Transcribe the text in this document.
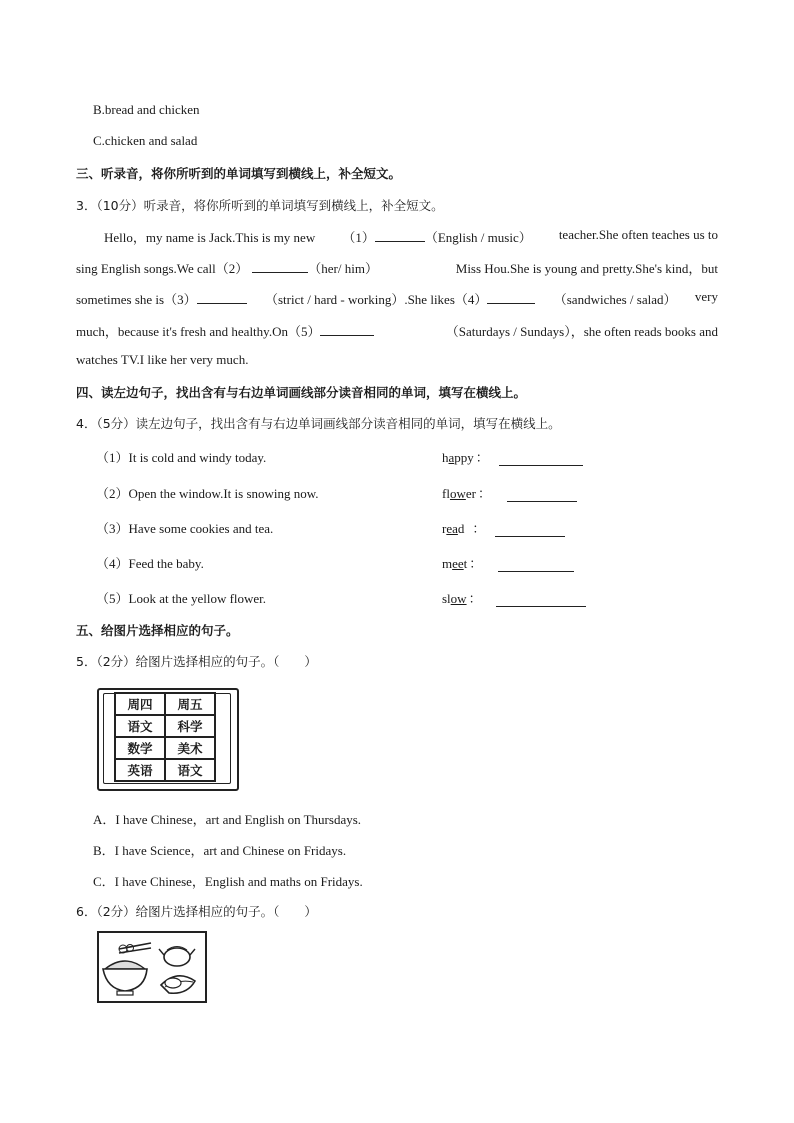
B.bread and chicken
C.chicken and salad
三、听录音，将你所听到的单词填写到横线上，补全短文。
3．（10分）听录音，将你所听到的单词填写到横线上，补全短文。
Hello，my name is Jack.This is my new （1）	（English / music） teacher.She often teaches us to
sing English songs.We call（2）	（her/ him）	Miss Hou.She is young and pretty.She's kind，but
sometimes she is（3）	（strict / hard - working）.She likes（4）	（sandwiches / salad） very
much，because it's fresh and healthy.On（5）	（Saturdays / Sundays），she often reads books and
watches TV.I like her very much.
四、读左边句子，找出含有与右边单词画线部分读音相同的单词，填写在横线上。
4．（5分）读左边句子，找出含有与右边单词画线部分读音相同的单词，填写在横线上。
（1）It is cold and windy today.	h a ppy ：
（2）Open the window.It is snowing now.	fl ow er ：
（3）Have some cookies and tea.	r ea d ：
（4）Feed the baby.	m ee t ：
（5）Look at the yellow flower.	sl ow ：
五、给图片选择相应的句子。
5．（2分）给图片选择相应的句子。（　　）
周四	周五
语文	科学
数学	美术
英语	语文
A．I have Chinese，art and English on Thursdays.
B．I have Science，art and Chinese on Fridays.
C．I have Chinese，English and maths on Fridays.
6．（2分）给图片选择相应的句子。（　　）
